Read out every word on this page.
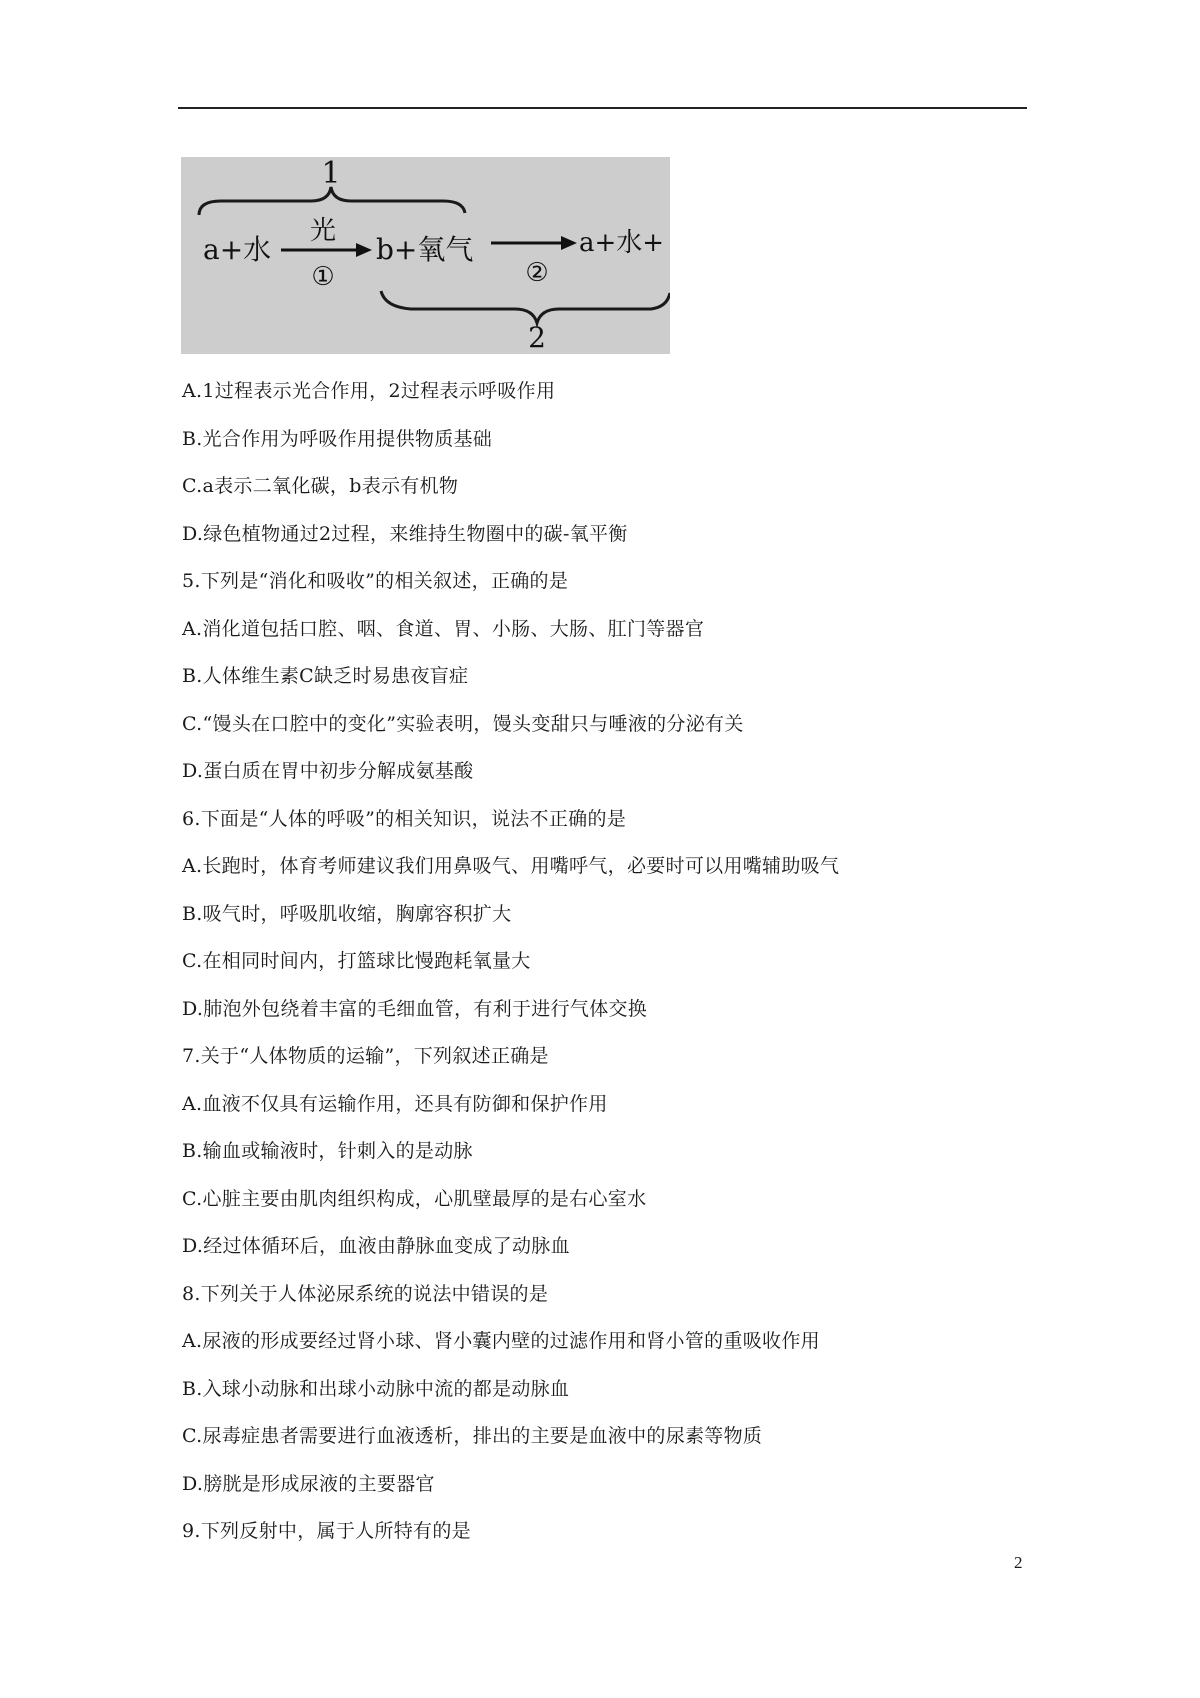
1
a+水
光
①
b+氧气
②
a+水+
2
A.1过程表示光合作用，2过程表示呼吸作用
B.光合作用为呼吸作用提供物质基础
C.a表示二氧化碳，b表示有机物
D.绿色植物通过2过程，来维持生物圈中的碳-氧平衡
5.下列是“消化和吸收”的相关叙述，正确的是
A.消化道包括口腔、咽、食道、胃、小肠、大肠、肛门等器官
B.人体维生素C缺乏时易患夜盲症
C.“馒头在口腔中的变化”实验表明，馒头变甜只与唾液的分泌有关
D.蛋白质在胃中初步分解成氨基酸
6.下面是“人体的呼吸”的相关知识，说法不正确的是
A.长跑时，体育考师建议我们用鼻吸气、用嘴呼气，必要时可以用嘴辅助吸气
B.吸气时，呼吸肌收缩，胸廓容积扩大
C.在相同时间内，打篮球比慢跑耗氧量大
D.肺泡外包绕着丰富的毛细血管，有利于进行气体交换
7.关于“人体物质的运输”，下列叙述正确是
A.血液不仅具有运输作用，还具有防御和保护作用
B.输血或输液时，针刺入的是动脉
C.心脏主要由肌肉组织构成，心肌壁最厚的是右心室水
D.经过体循环后，血液由静脉血变成了动脉血
8.下列关于人体泌尿系统的说法中错误的是
A.尿液的形成要经过肾小球、肾小囊内壁的过滤作用和肾小管的重吸收作用
B.入球小动脉和出球小动脉中流的都是动脉血
C.尿毒症患者需要进行血液透析，排出的主要是血液中的尿素等物质
D.膀胱是形成尿液的主要器官
9.下列反射中，属于人所特有的是
2
